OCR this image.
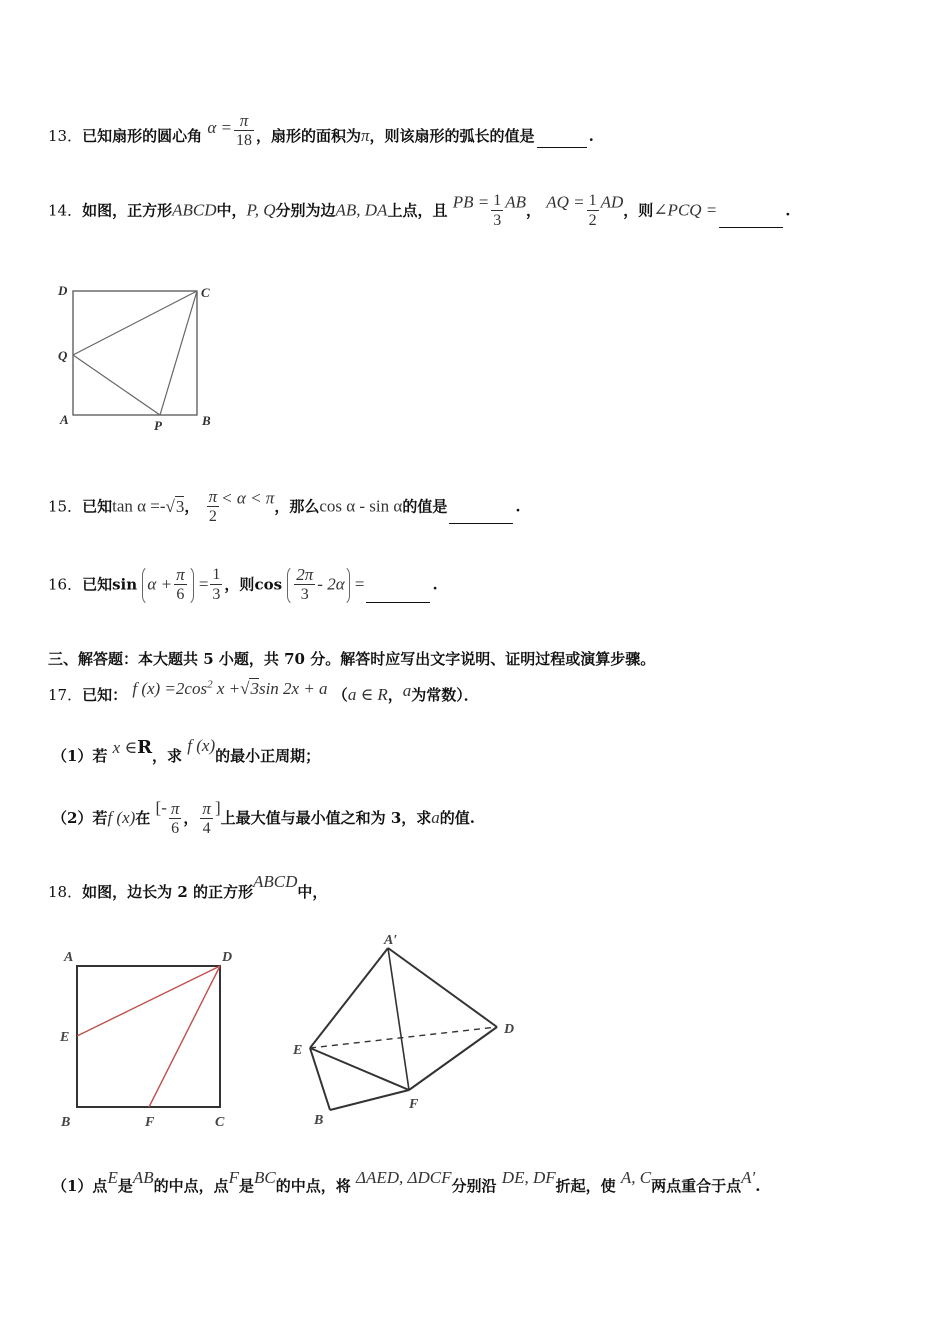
13．已知扇形的圆心角 $\alpha = \frac{\pi}{18}$ ，扇形的面积为π，则该扇形的弧长的值是	.
14．如图，正方形ABCD中，P, Q分别为边AB, DA上点，且 PB = $\frac{1}{3}$ AB， AQ = $\frac{1}{2}$ AD，则∠PCQ =	.
D	C
Q
A	P	B
15．已知tan α =-√3， $\frac{\pi}{2} < \alpha < \pi$，那么cos α - sin α的值是	.
16．已知$\sin \alpha + \frac{\pi}{6} = \frac{1}{3}$ ，则$\cos \frac{2\pi}{3} - 2\alpha$ =	.
三、解答题：本大题共 5 小题，共 70 分。解答时应写出文字说明、证明过程或演算步骤。
17．已知： f $(x) =2\cos^2$ x +√3sin 2x + a （a ∈ R，a为常数）．
（1）若 x ∈R，求 f (x)的最小正周期；
（2）若f (x)在 [- $\frac{\pi}{6}$ ， $\frac{\pi}{4}$ ]上最大值与最小值之和为 3，求a的值.
18．如图，边长为 2 的正方形ABCD中，
A	D
E
B	F	C
A′
D
E
B
F
（1）点E是AB的中点，点F是BC的中点，将 ΔAED, ΔDCF分别沿 DE, DF折起，使 A, C两点重合于点A′.
